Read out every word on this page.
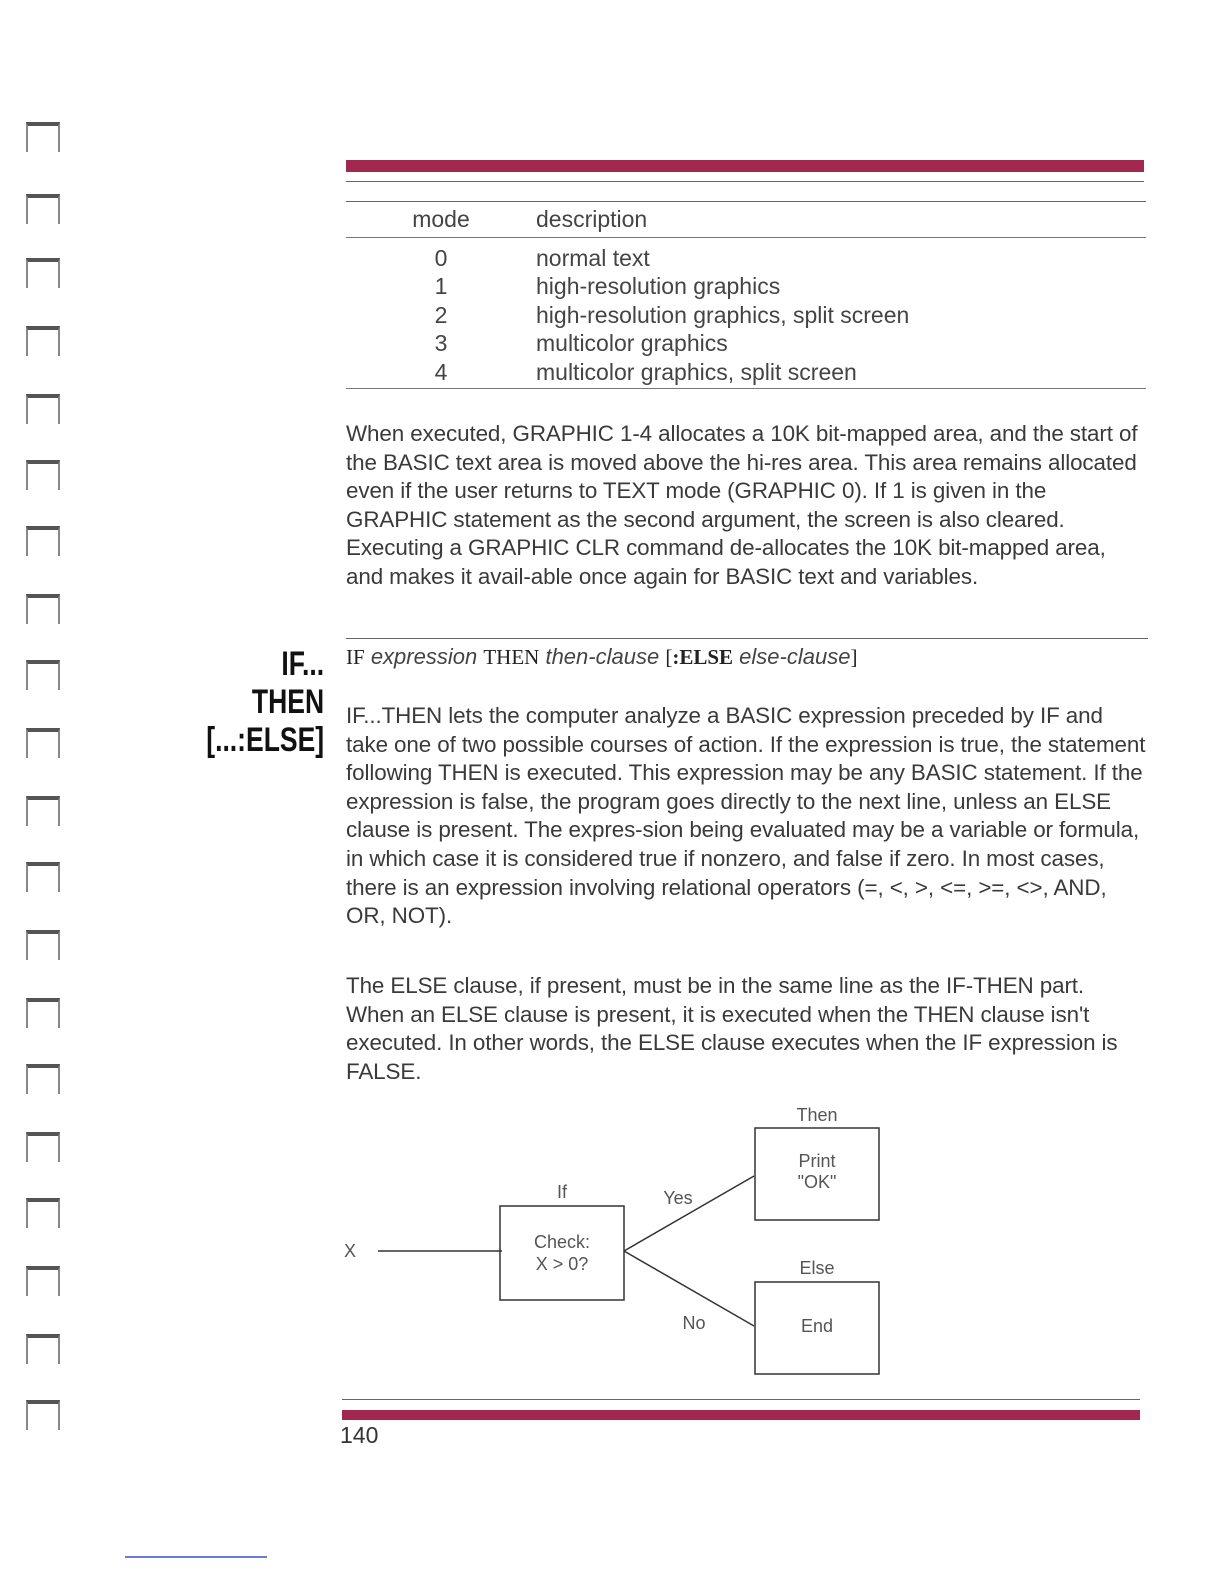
mode	description

0	normal text
1	high-resolution graphics
2	high-resolution graphics, split screen
3	multicolor graphics
4	multicolor graphics, split screen

When executed, GRAPHIC 1-4 allocates a 10K bit-mapped area, and the start of the BASIC text area is moved above the hi-res area. This area remains allocated even if the user returns to TEXT mode (GRAPHIC 0). If 1 is given in the GRAPHIC statement as the second argument, the screen is also cleared. Executing a GRAPHIC CLR command de-allocates the 10K bit-mapped area, and makes it avail-able once again for BASIC text and variables.

IF...
THEN
[...:ELSE]
IF expression THEN then-clause [:ELSE else-clause]

IF...THEN lets the computer analyze a BASIC expression preceded by IF and take one of two possible courses of action. If the expression is true, the statement following THEN is executed. This expression may be any BASIC statement. If the expression is false, the program goes directly to the next line, unless an ELSE clause is present. The expres-sion being evaluated may be a variable or formula, in which case it is considered true if nonzero, and false if zero. In most cases, there is an expression involving relational operators (=, <, >, <=, >=, <>, AND, OR, NOT).

The ELSE clause, if present, must be in the same line as the IF-THEN part. When an ELSE clause is present, it is executed when the THEN clause isn't executed. In other words, the ELSE clause executes when the IF expression is FALSE.

X
If
Check:
X > 0?
Yes
No
Then
Print
"OK"
Else
End
140
